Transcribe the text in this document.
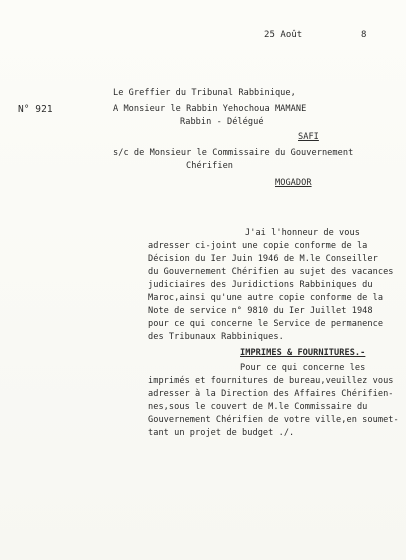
25 Août	8
Le Greffier du Tribunal Rabbinique,
N° 921	A Monsieur le Rabbin Yehochoua MAMANE
Rabbin - Délégué
SAFI
s/c de Monsieur le Commissaire du Gouvernement
Chérifien
MOGADOR
J'ai l'honneur de vous
adresser ci-joint une copie conforme de la
Décision du Ier Juin 1946 de M.le Conseiller
du Gouvernement Chérifien au sujet des vacances
judiciaires des Juridictions Rabbiniques du
Maroc,ainsi qu'une autre copie conforme de la
Note de service n° 9810 du Ier Juillet 1948
pour ce qui concerne le Service de permanence
des Tribunaux Rabbiniques.
IMPRIMES & FOURNITURES.-
Pour ce qui concerne les
imprimés et fournitures de bureau,veuillez vous
adresser à la Direction des Affaires Chérifien-
nes,sous le couvert de M.le Commissaire du
Gouvernement Chérifien de votre ville,en soumet-
tant un projet de budget ./.
